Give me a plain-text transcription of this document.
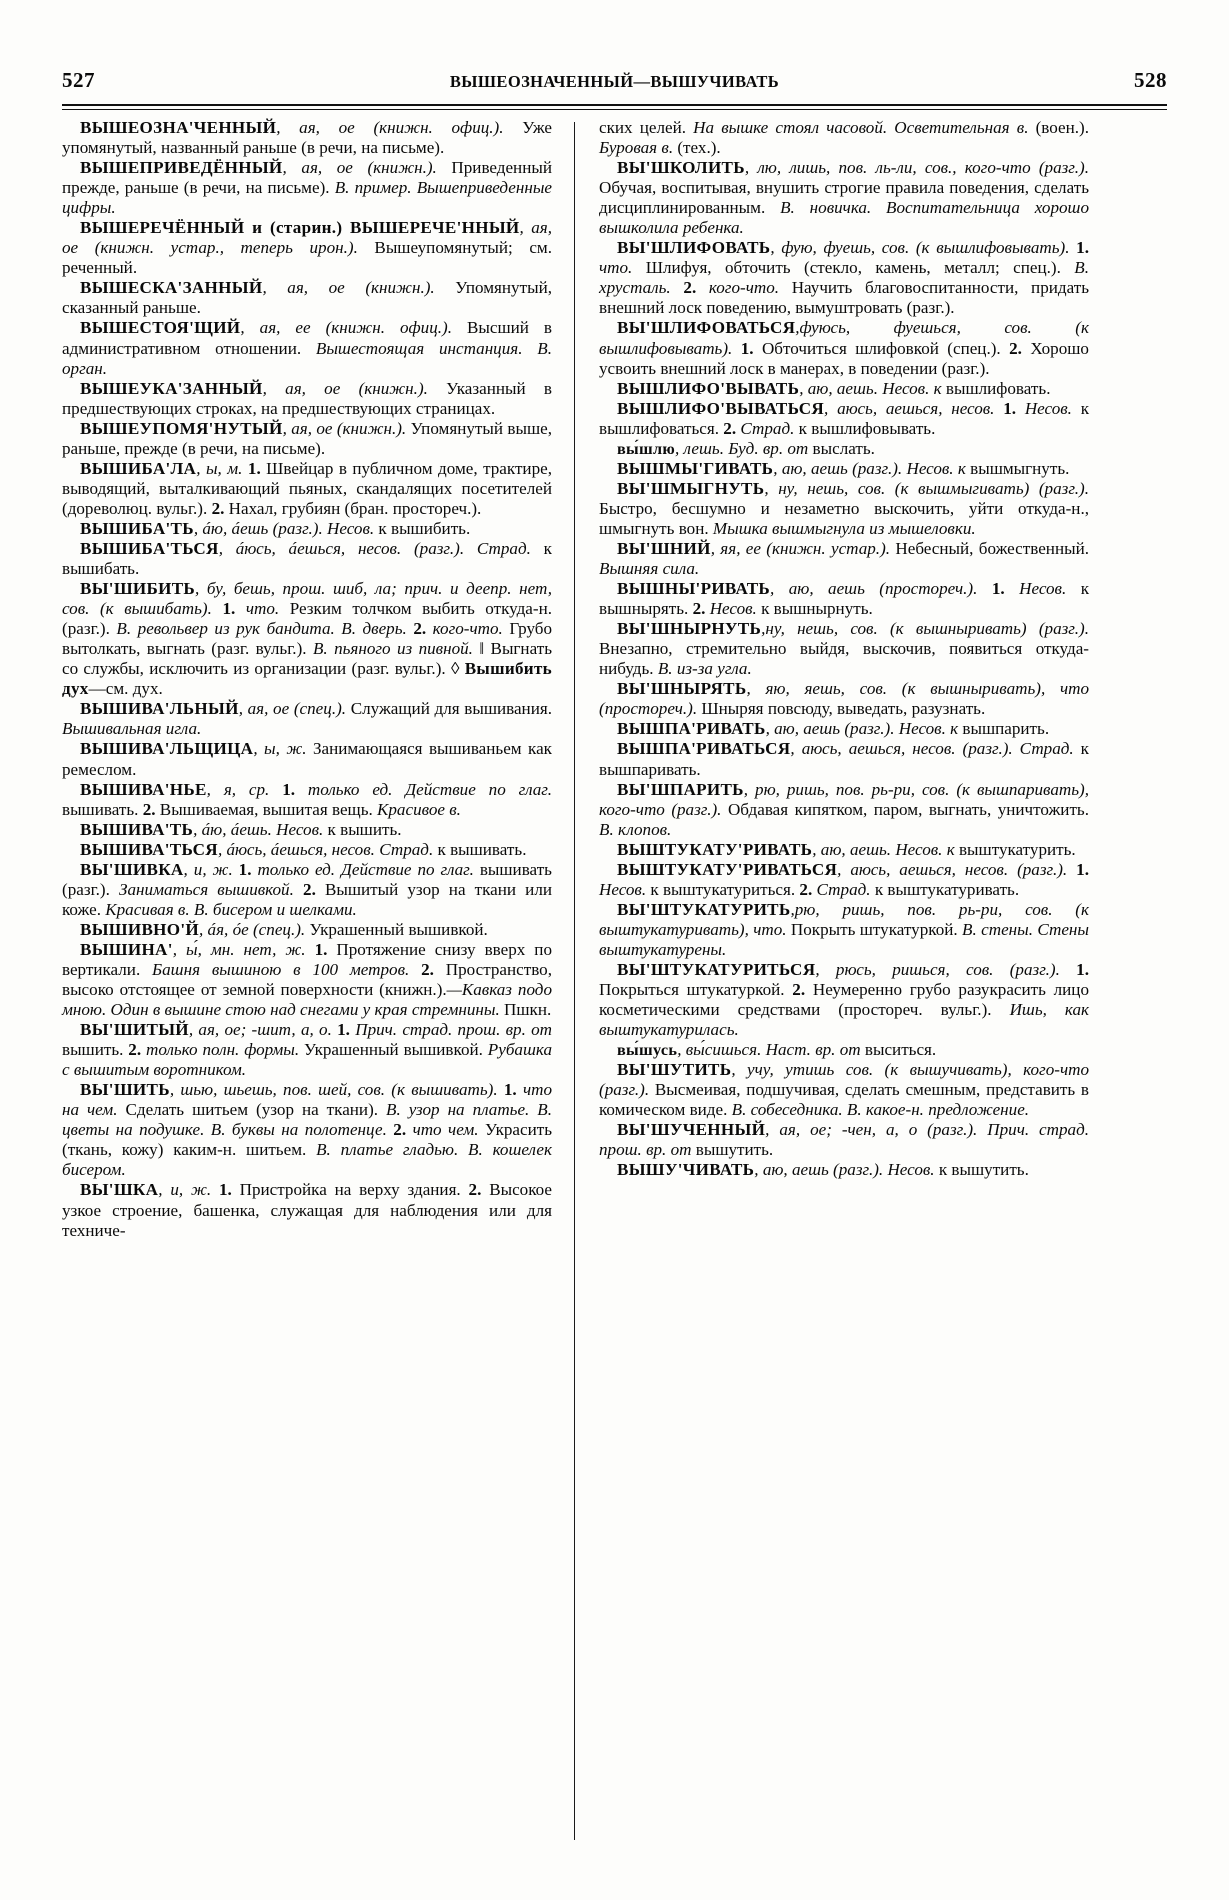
527	ВЫШЕОЗНАЧЕННЫЙ—ВЫШУЧИВАТЬ	528

ВЫШЕОЗНА'ЧЕННЫЙ, ая, ое (книжн. офиц.). Уже упомянутый, названный раньше (в речи, на письме).

ВЫШЕПРИВЕДЁННЫЙ, ая, ое (книжн.). Приведенный прежде, раньше (в речи, на письме). В. пример. Вышеприведенные цифры.

ВЫШЕРЕЧЁННЫЙ и (старин.) ВЫШЕРЕЧЕ'ННЫЙ, ая, ое (книжн. устар., теперь ирон.). Вышеупомянутый; см. реченный.

ВЫШЕСКА'ЗАННЫЙ, ая, ое (книжн.). Упомянутый, сказанный раньше.

ВЫШЕСТОЯ'ЩИЙ, ая, ее (книжн. офиц.). Высший в административном отношении. Вышестоящая инстанция. В. орган.

ВЫШЕУКА'ЗАННЫЙ, ая, ое (книжн.). Указанный в предшествующих строках, на предшествующих страницах.

ВЫШЕУПОМЯ'НУТЫЙ, ая, ое (книжн.). Упомянутый выше, раньше, прежде (в речи, на письме).

ВЫШИБА'ЛА, ы, м. 1. Швейцар в публичном доме, трактире, выводящий, выталкивающий пьяных, скандалящих посетителей (дореволюц. вульг.). 2. Нахал, грубиян (бран. простореч.).

ВЫШИБА'ТЬ, áю, áешь (разг.). Несов. к вышибить.

ВЫШИБА'ТЬСЯ, áюсь, áешься, несов. (разг.). Страд. к вышибать.

ВЫ'ШИБИТЬ, бу, бешь, прош. шиб, ла; прич. и деепр. нет, сов. (к вышибать). 1. что. Резким толчком выбить откуда-н. (разг.). В. револьвер из рук бандита. В. дверь. 2. кого-что. Грубо вытолкать, выгнать (разг. вульг.). В. пьяного из пивной. ‖ Выгнать со службы, исключить из организации (разг. вульг.). ◊ Вышибить дух—см. дух.

ВЫШИВА'ЛЬНЫЙ, ая, ое (спец.). Служащий для вышивания. Вышивальная игла.

ВЫШИВА'ЛЬЩИЦА, ы, ж. Занимающаяся вышиваньем как ремеслом.

ВЫШИВА'НЬЕ, я, ср. 1. только ед. Действие по глаг. вышивать. 2. Вышиваемая, вышитая вещь. Красивое в.

ВЫШИВА'ТЬ, áю, áешь. Несов. к вышить.

ВЫШИВА'ТЬСЯ, áюсь, áешься, несов. Страд. к вышивать.

ВЫ'ШИВКА, и, ж. 1. только ед. Действие по глаг. вышивать (разг.). Заниматься вышивкой. 2. Вышитый узор на ткани или коже. Красивая в. В. бисером и шелками.

ВЫШИВНО'Й, áя, óе (спец.). Украшенный вышивкой.

ВЫШИНА', ы́, мн. нет, ж. 1. Протяжение снизу вверх по вертикали. Башня вышиною в 100 метров. 2. Пространство, высоко отстоящее от земной поверхности (книжн.).—Кавказ подо мною. Один в вышине стою над снегами у края стремнины. Пшкн.

ВЫ'ШИТЫЙ, ая, ое; -шит, а, о. 1. Прич. страд. прош. вр. от вышить. 2. только полн. формы. Украшенный вышивкой. Рубашка с вышитым воротником.

ВЫ'ШИТЬ, шью, шьешь, пов. шей, сов. (к вышивать). 1. что на чем. Сделать шитьем (узор на ткани). В. узор на платье. В. цветы на подушке. В. буквы на полотенце. 2. что чем. Украсить (ткань, кожу) каким-н. шитьем. В. платье гладью. В. кошелек бисером.

ВЫ'ШКА, и, ж. 1. Пристройка на верху здания. 2. Высокое узкое строение, башенка, служащая для наблюдения или для техниче-

ских целей. На вышке стоял часовой. Осветительная в. (воен.). Буровая в. (тех.).

ВЫ'ШКОЛИТЬ, лю, лишь, пов. ль-ли, сов., кого-что (разг.). Обучая, воспитывая, внушить строгие правила поведения, сделать дисциплинированным. В. новичка. Воспитательница хорошо вышколила ребенка.

ВЫ'ШЛИФОВАТЬ, фую, фуешь, сов. (к вышлифовывать). 1. что. Шлифуя, обточить (стекло, камень, металл; спец.). В. хрусталь. 2. кого-что. Научить благовоспитанности, придать внешний лоск поведению, вымуштровать (разг.).

ВЫ'ШЛИФОВАТЬСЯ,фуюсь, фуешься, сов. (к вышлифовывать). 1. Обточиться шлифовкой (спец.). 2. Хорошо усвоить внешний лоск в манерах, в поведении (разг.).

ВЫШЛИФО'ВЫВАТЬ, аю, аешь. Несов. к вышлифовать.

ВЫШЛИФО'ВЫВАТЬСЯ, аюсь, аешься, несов. 1. Несов. к вышлифоваться. 2. Страд. к вышлифовывать.

вы́шлю, лешь. Буд. вр. от выслать.

ВЫШМЫ'ГИВАТЬ, аю, аешь (разг.). Несов. к вышмыгнуть.

ВЫ'ШМЫГНУТЬ, ну, нешь, сов. (к вышмыгивать) (разг.). Быстро, бесшумно и незаметно выскочить, уйти откуда-н., шмыгнуть вон. Мышка вышмыгнула из мышеловки.

ВЫ'ШНИЙ, яя, ее (книжн. устар.). Небесный, божественный. Вышняя сила.

ВЫШНЫ'РИВАТЬ, аю, аешь (простореч.). 1. Несов. к вышнырять. 2. Несов. к вышнырнуть.

ВЫ'ШНЫРНУТЬ,ну, нешь, сов. (к вышныривать) (разг.). Внезапно, стремительно выйдя, выскочив, появиться откуда-нибудь. В. из-за угла.

ВЫ'ШНЫРЯТЬ, яю, яешь, сов. (к вышныривать), что (простореч.). Шныряя повсюду, выведать, разузнать.

ВЫШПА'РИВАТЬ, аю, аешь (разг.). Несов. к вышпарить.

ВЫШПА'РИВАТЬСЯ, аюсь, аешься, несов. (разг.). Страд. к вышпаривать.

ВЫ'ШПАРИТЬ, рю, ришь, пов. рь-ри, сов. (к вышпаривать), кого-что (разг.). Обдавая кипятком, паром, выгнать, уничтожить. В. клопов.

ВЫШТУКАТУ'РИВАТЬ, аю, аешь. Несов. к выштукатурить.

ВЫШТУКАТУ'РИВАТЬСЯ, аюсь, аешься, несов. (разг.). 1. Несов. к выштукатуриться. 2. Страд. к выштукатуривать.

ВЫ'ШТУКАТУРИТЬ,рю, ришь, пов. рь-ри, сов. (к выштукатуривать), что. Покрыть штукатуркой. В. стены. Стены выштукатурены.

ВЫ'ШТУКАТУРИТЬСЯ, рюсь, ришься, сов. (разг.). 1. Покрыться штукатуркой. 2. Неумеренно грубо разукрасить лицо косметическими средствами (простореч. вульг.). Ишь, как выштукатурилась.

вы́шусь, вы́сишься. Наст. вр. от выситься.

ВЫ'ШУТИТЬ, учу, утишь сов. (к вышучивать), кого-что (разг.). Высмеивая, подшучивая, сделать смешным, представить в комическом виде. В. собеседника. В. какое-н. предложение.

ВЫ'ШУЧЕННЫЙ, ая, ое; -чен, а, о (разг.). Прич. страд. прош. вр. от вышутить.

ВЫШУ'ЧИВАТЬ, аю, аешь (разг.). Несов. к вышутить.
